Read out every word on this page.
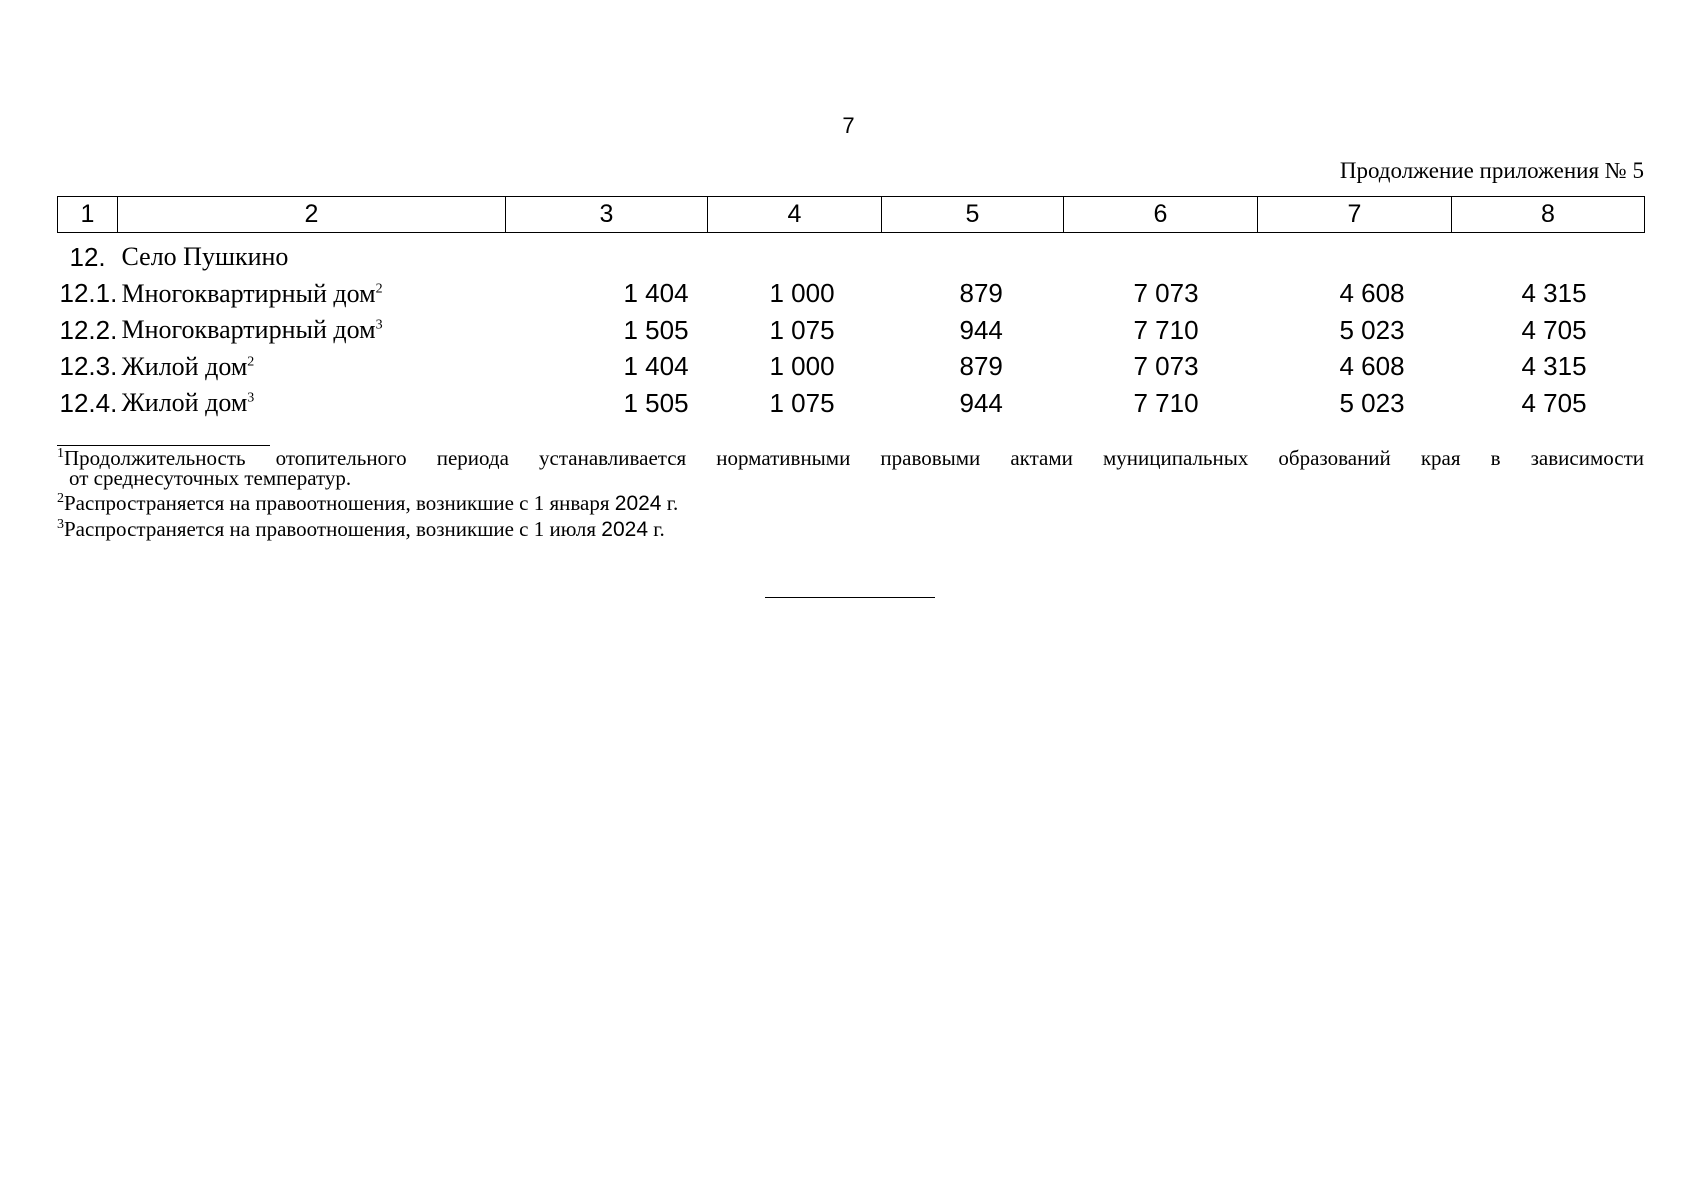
7
Продолжение приложения № 5
1	2	3	4	5	6	7	8
12.	Село Пушкино						
12.1.	Многоквартирный дом$^2$	1 404	1 000	879	7 073	4 608	4 315
12.2.	Многоквартирный дом$^3$	1 505	1 075	944	7 710	5 023	4 705
12.3.	Жилой дом$^2$	1 404	1 000	879	7 073	4 608	4 315
12.4.	Жилой дом$^3$	1 505	1 075	944	7 710	5 023	4 705
$^1$Продолжительность отопительного периода устанавливается нормативными правовыми актами муниципальных образований края в зависимости
от среднесуточных температур.
$^2$Распространяется на правоотношения, возникшие с 1 января 2024 г.
$^3$Распространяется на правоотношения, возникшие с 1 июля 2024 г.
